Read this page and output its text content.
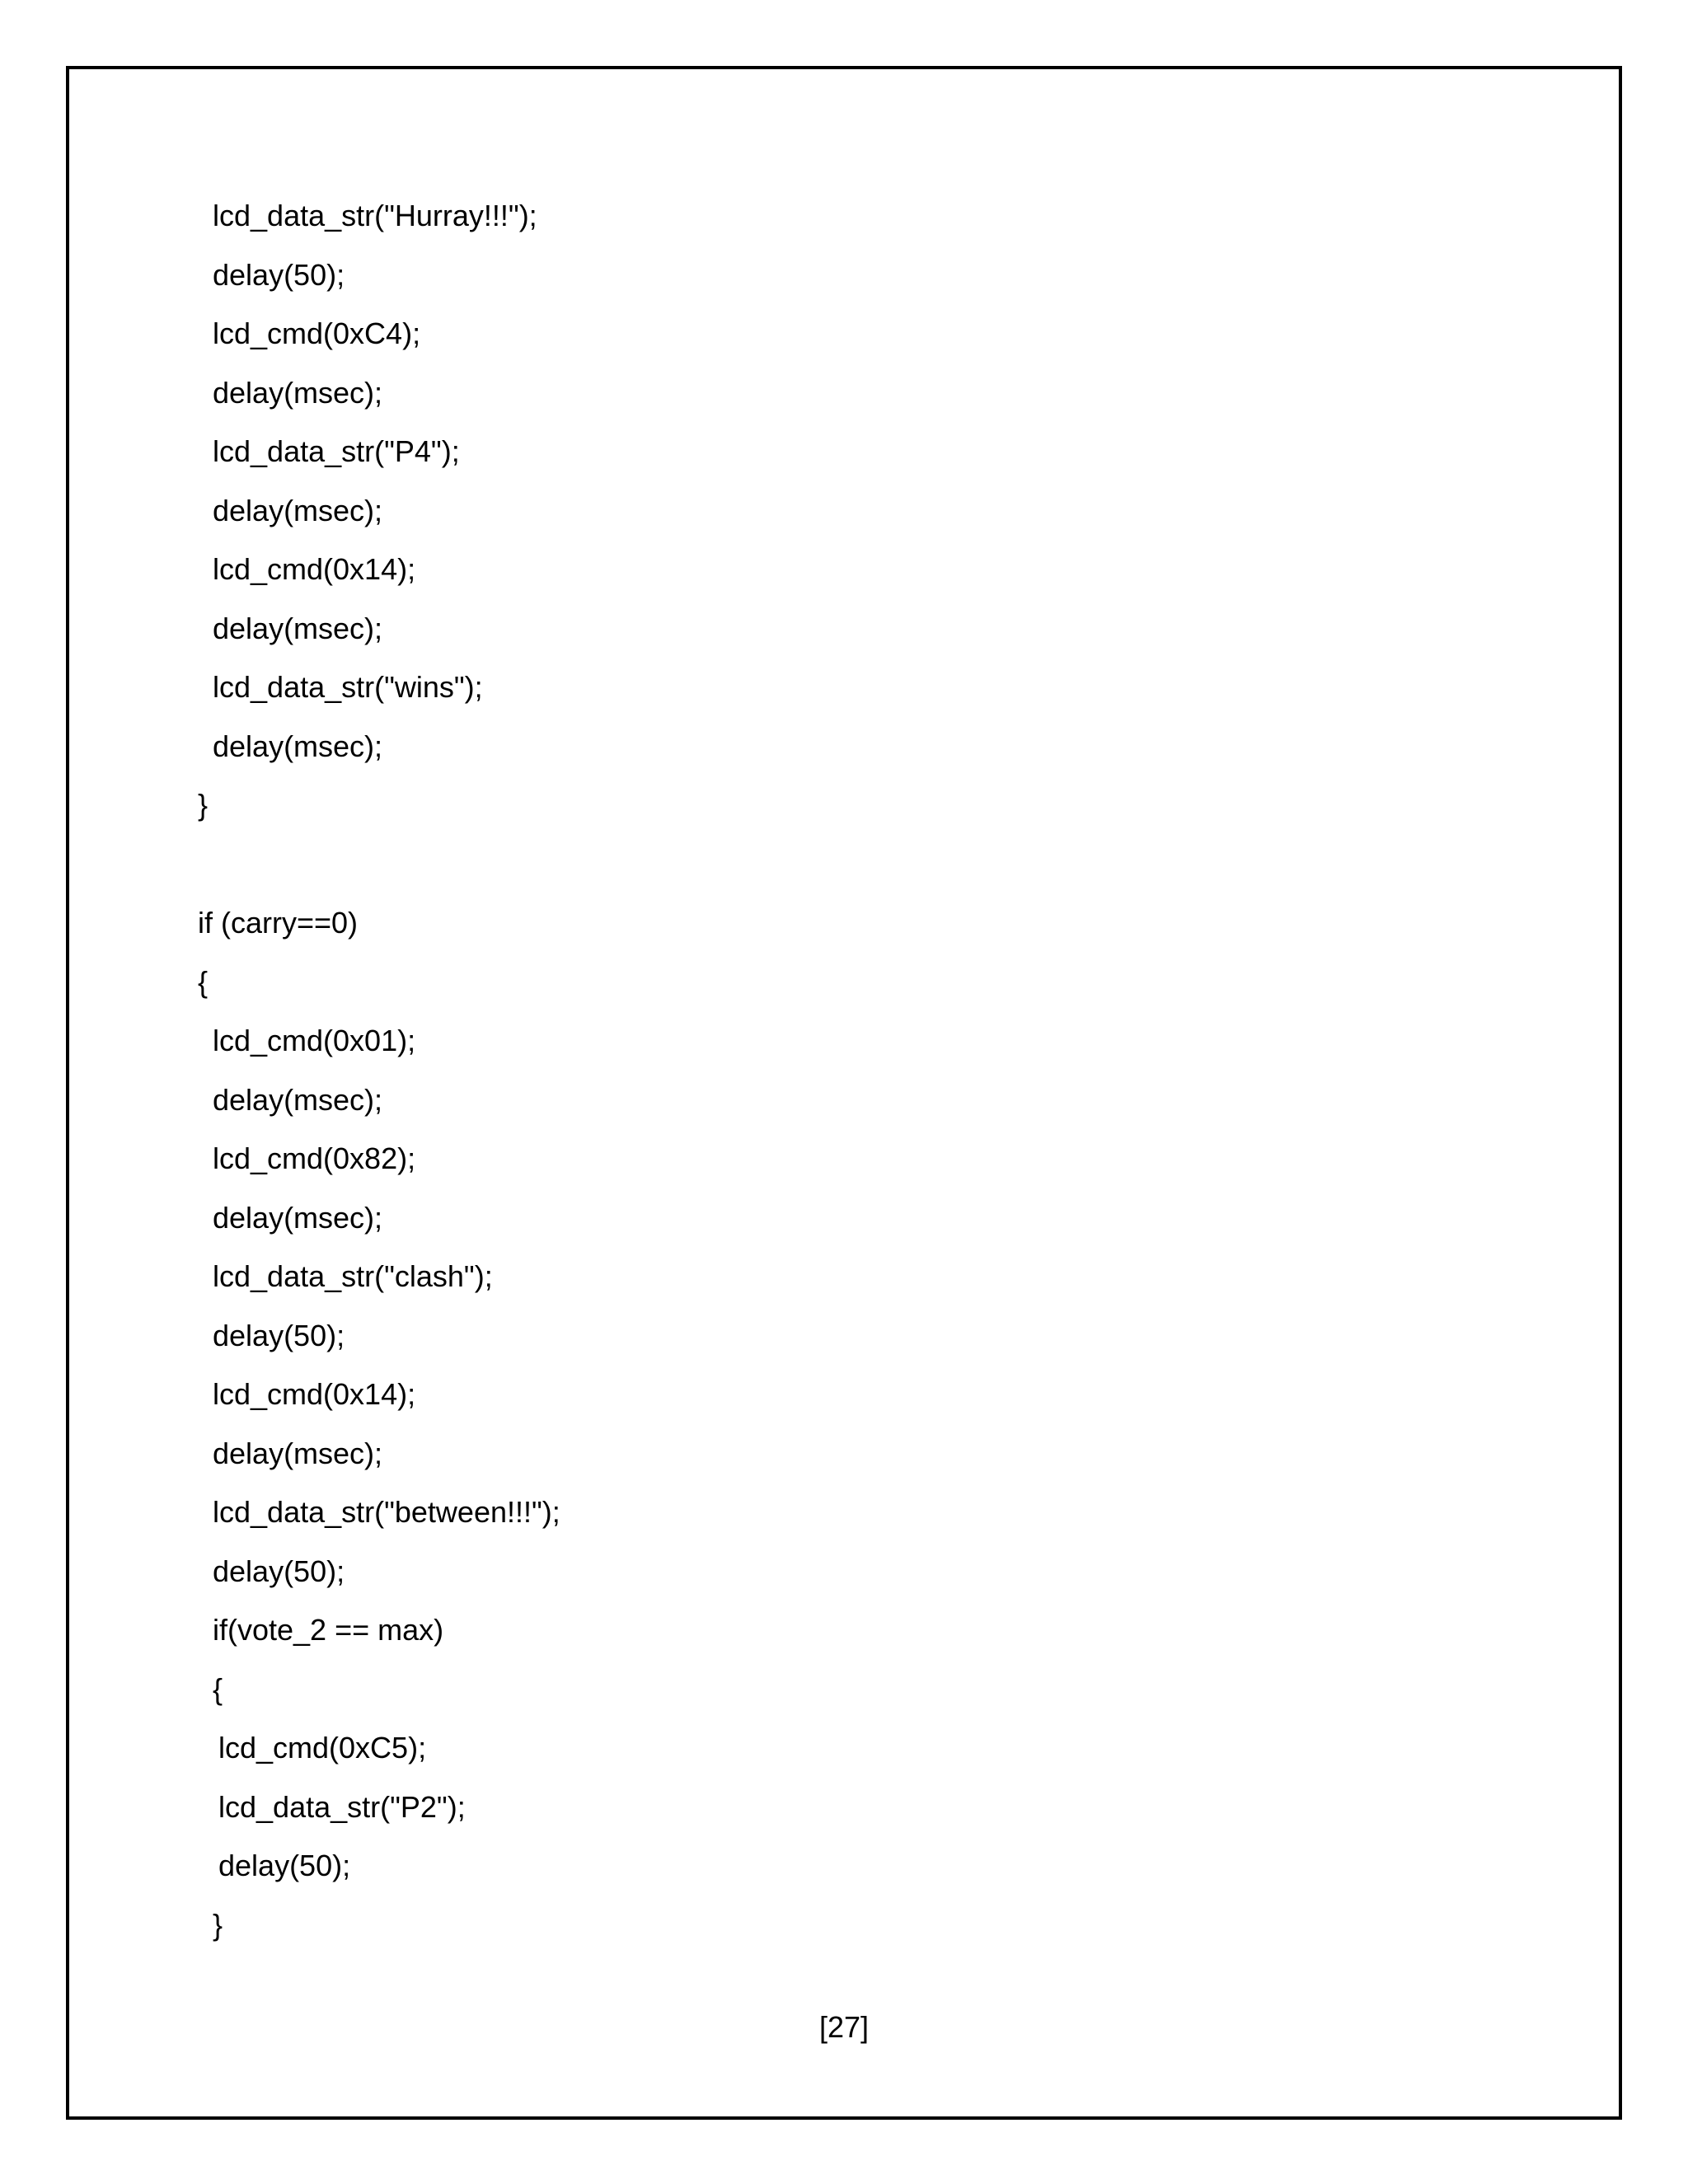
lcd_data_str("Hurray!!!");
delay(50);
lcd_cmd(0xC4);
delay(msec);
lcd_data_str("P4");
delay(msec);
lcd_cmd(0x14);
delay(msec);
lcd_data_str("wins");
delay(msec);
}
if (carry==0)
{
lcd_cmd(0x01);
delay(msec);
lcd_cmd(0x82);
delay(msec);
lcd_data_str("clash");
delay(50);
lcd_cmd(0x14);
delay(msec);
lcd_data_str("between!!!");
delay(50);
if(vote_2 == max)
{
lcd_cmd(0xC5);
lcd_data_str("P2");
delay(50);
}
[27]
